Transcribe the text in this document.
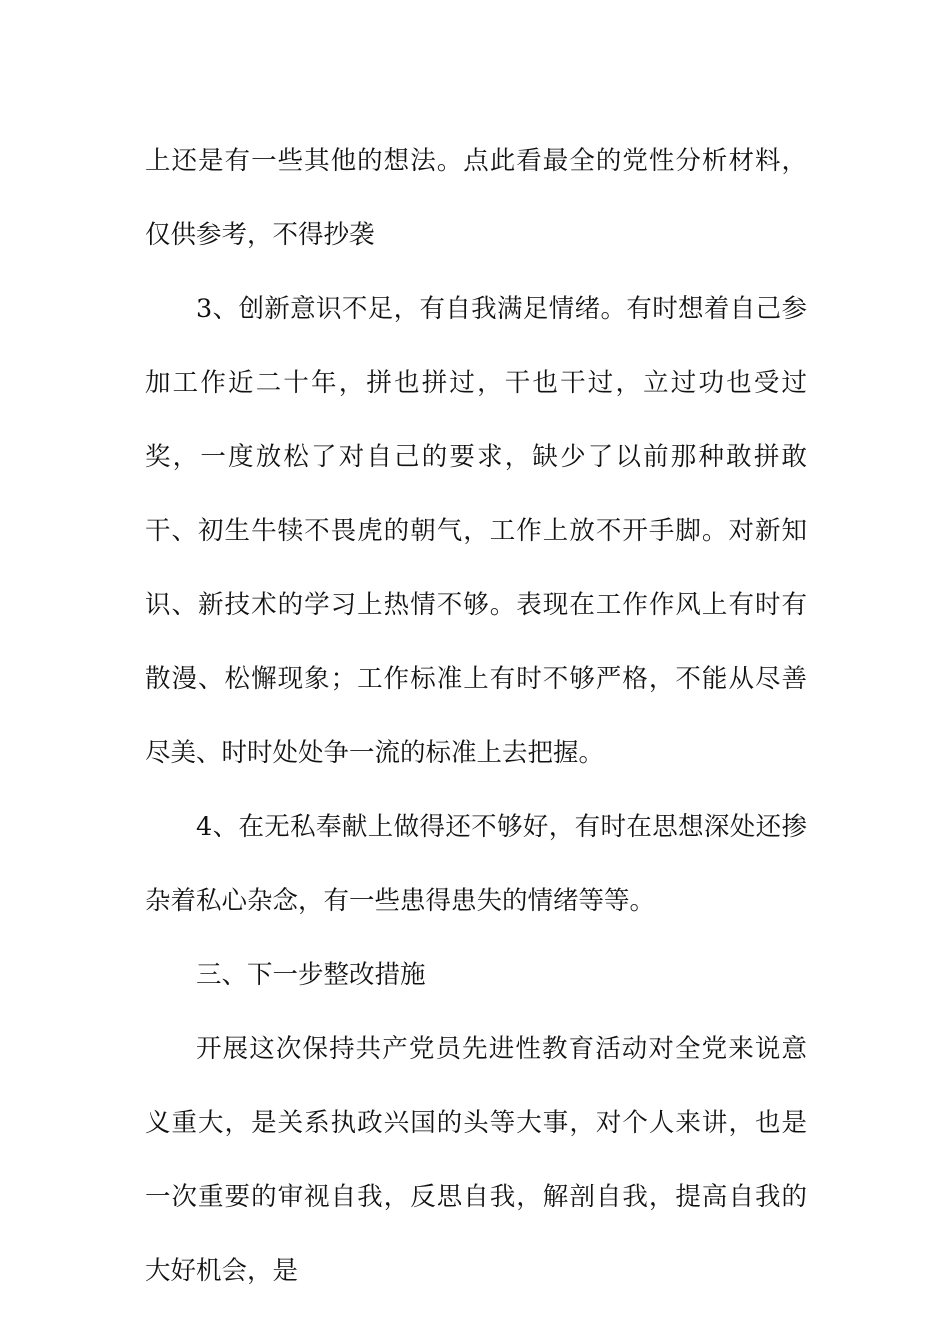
上还是有一些其他的想法。点此看最全的党性分析材料，仅供参考，不得抄袭

3、创新意识不足，有自我满足情绪。有时想着自己参加工作近二十年，拼也拼过，干也干过，立过功也受过奖，一度放松了对自己的要求，缺少了以前那种敢拼敢干、初生牛犊不畏虎的朝气，工作上放不开手脚。对新知识、新技术的学习上热情不够。表现在工作作风上有时有散漫、松懈现象；工作标准上有时不够严格，不能从尽善尽美、时时处处争一流的标准上去把握。

4、在无私奉献上做得还不够好，有时在思想深处还掺杂着私心杂念，有一些患得患失的情绪等等。

三、下一步整改措施

开展这次保持共产党员先进性教育活动对全党来说意义重大，是关系执政兴国的头等大事，对个人来讲，也是一次重要的审视自我，反思自我，解剖自我，提高自我的大好机会，是
